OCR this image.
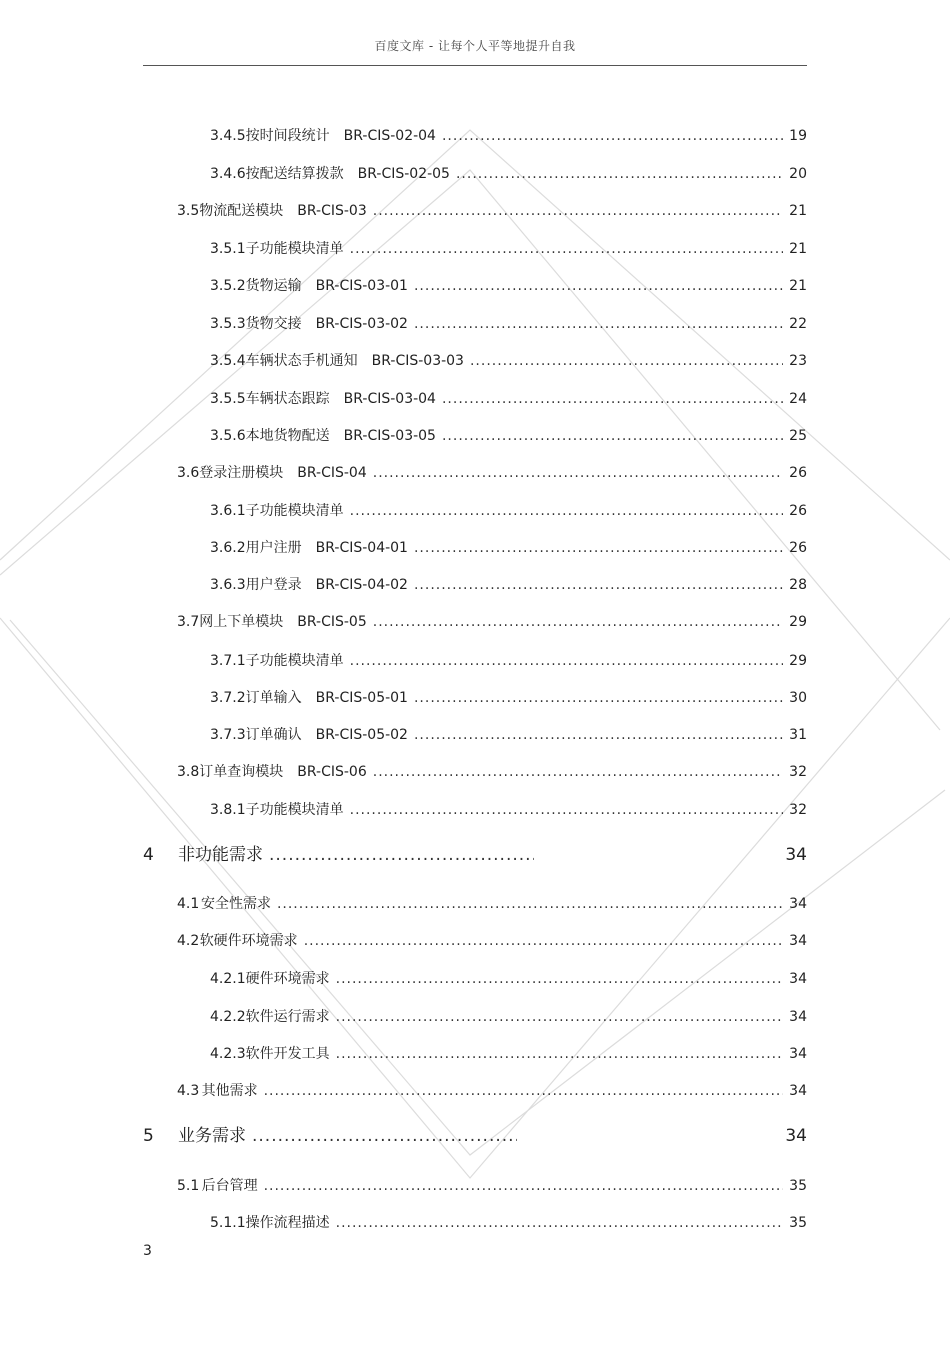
百度文库 - 让每个人平等地提升自我
3.4.5 按时间段统计 BR-CIS-02-04 .....	19
3.4.6 按配送结算拨款 BR-CIS-02-05 .....	20
3.5 物流配送模块 BR-CIS-03 .....	21
3.5.1 子功能模块清单 .....	21
3.5.2 货物运输 BR-CIS-03-01 .....	21
3.5.3 货物交接 BR-CIS-03-02 .....	22
3.5.4 车辆状态手机通知 BR-CIS-03-03 .....	23
3.5.5 车辆状态跟踪 BR-CIS-03-04 .....	24
3.5.6 本地货物配送 BR-CIS-03-05 .....	25
3.6 登录注册模块 BR-CIS-04 .....	26
3.6.1 子功能模块清单 .....	26
3.6.2 用户注册 BR-CIS-04-01 .....	26
3.6.3 用户登录 BR-CIS-04-02 .....	28
3.7 网上下单模块 BR-CIS-05 .....	29
3.7.1 子功能模块清单 .....	29
3.7.2 订单输入 BR-CIS-05-01 .....	30
3.7.3 订单确认 BR-CIS-05-02 .....	31
3.8 订单查询模块 BR-CIS-06 .....	32
3.8.1 子功能模块清单 .....	32
4	非功能需求 .....	34
4.1 安全性需求 .....	34
4.2 软硬件环境需求 .....	34
4.2.1 硬件环境需求 .....	34
4.2.2 软件运行需求 .....	34
4.2.3 软件开发工具 .....	34
4.3 其他需求 .....	34
5	业务需求 .....	34
5.1 后台管理 .....	35
5.1.1 操作流程描述 .....	35
3
